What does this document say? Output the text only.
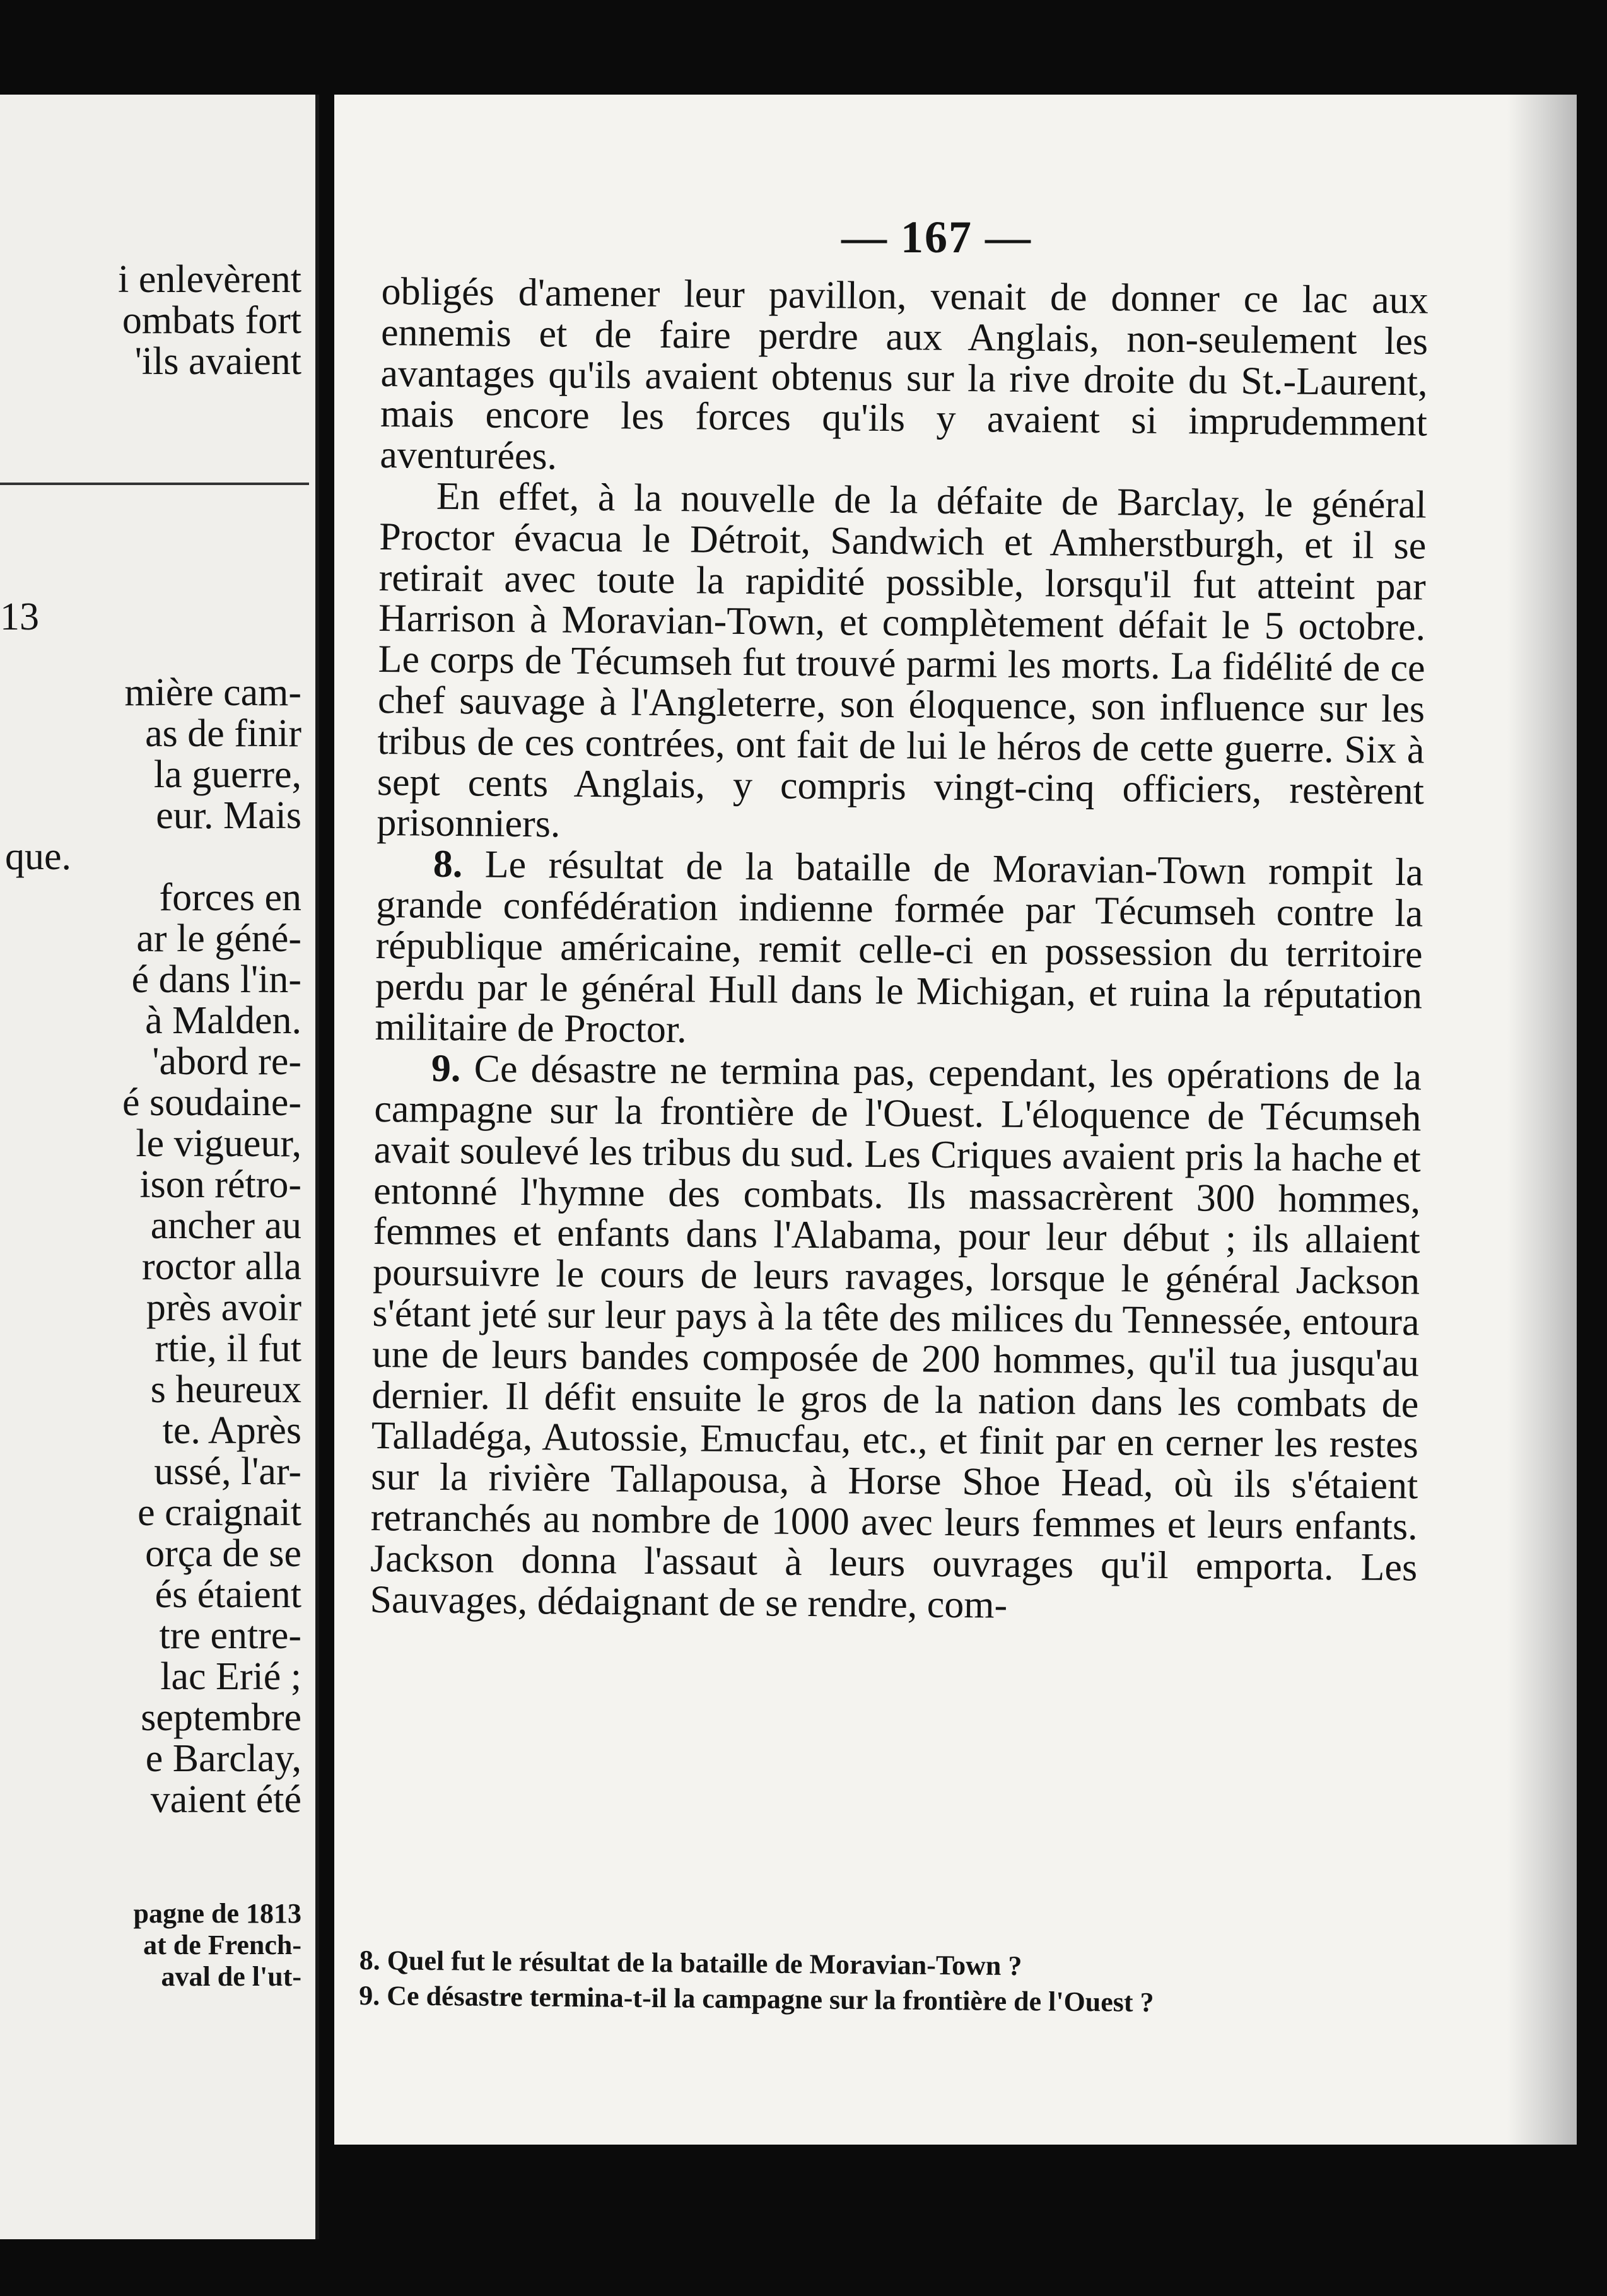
i enlevèrent
ombats fort
'ils avaient
13
mière cam-
as de finir
la guerre,
eur. Mais
que.
forces en
ar le géné-
é dans l'in-
à Malden.
'abord re-
é soudaine-
le vigueur,
ison rétro-
ancher au
roctor alla
près avoir
rtie, il fut
s heureux
te. Après
ussé, l'ar-
e craignait
orça de se
és étaient
tre entre-
lac Erié ;
septembre
e Barclay,
vaient été
pagne de 1813
at de French-
aval de l'ut-
— 167 —

obligés d'amener leur pavillon, venait de donner ce lac aux ennemis et de faire perdre aux Anglais, non-seulement les avantages qu'ils avaient obtenus sur la rive droite du St.-Laurent, mais encore les forces qu'ils y avaient si imprudemment aventurées.

En effet, à la nouvelle de la défaite de Barclay, le général Proctor évacua le Détroit, Sandwich et Amherstburgh, et il se retirait avec toute la rapidité possible, lorsqu'il fut atteint par Harrison à Moravian-Town, et complètement défait le 5 octobre. Le corps de Técumseh fut trouvé parmi les morts. La fidélité de ce chef sauvage à l'Angleterre, son éloquence, son influence sur les tribus de ces contrées, ont fait de lui le héros de cette guerre. Six à sept cents Anglais, y compris vingt-cinq officiers, restèrent prisonniers.

8. Le résultat de la bataille de Moravian-Town rompit la grande confédération indienne formée par Técumseh contre la république américaine, remit celle-ci en possession du territoire perdu par le général Hull dans le Michigan, et ruina la réputation militaire de Proctor.

9. Ce désastre ne termina pas, cependant, les opérations de la campagne sur la frontière de l'Ouest. L'éloquence de Técumseh avait soulevé les tribus du sud. Les Criques avaient pris la hache et entonné l'hymne des combats. Ils massacrèrent 300 hommes, femmes et enfants dans l'Alabama, pour leur début ; ils allaient poursuivre le cours de leurs ravages, lorsque le général Jackson s'étant jeté sur leur pays à la tête des milices du Tennessée, entoura une de leurs bandes composée de 200 hommes, qu'il tua jusqu'au dernier. Il défit ensuite le gros de la nation dans les combats de Talladéga, Autossie, Emucfau, etc., et finit par en cerner les restes sur la rivière Tallapousa, à Horse Shoe Head, où ils s'étaient retranchés au nombre de 1000 avec leurs femmes et leurs enfants. Jackson donna l'assaut à leurs ouvrages qu'il emporta. Les Sauvages, dédaignant de se rendre, com-

8. Quel fut le résultat de la bataille de Moravian-Town ?
9. Ce désastre termina-t-il la campagne sur la frontière de l'Ouest ?
